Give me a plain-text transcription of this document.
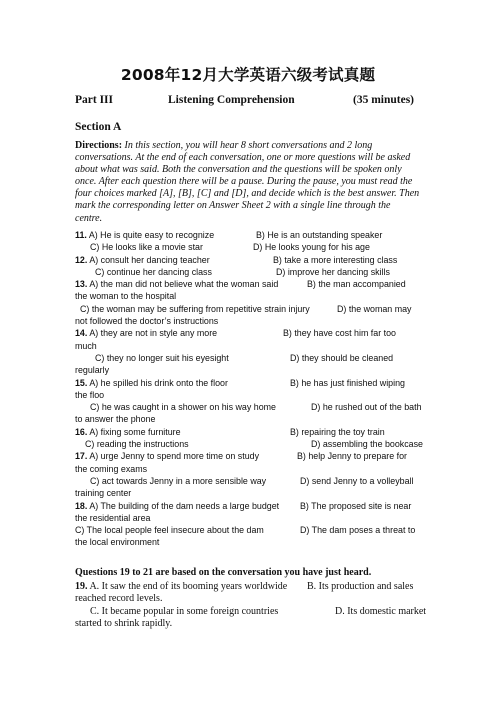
2008年12月大学英语六级考试真题
Part III	Listening Comprehension	(35 minutes)
Section A
Directions: In this section, you will hear 8 short conversations and 2 long
conversations. At the end of each conversation, one or more questions will be asked
about what was said. Both the conversation and the questions will be spoken only
once. After each question there will be a pause. During the pause, you must read the
four choices marked [A], [B], [C] and [D], and decide which is the best answer. Then
mark the corresponding letter on Answer Sheet 2 with a single line through the
centre.
11. A) He is quite easy to recognize	B) He is an outstanding speaker
C) He looks like a movie star	D) He looks young for his age
12. A) consult her dancing teacher	B) take a more interesting class
C) continue her dancing class	D) improve her dancing skills
13. A) the man did not believe what the woman said	B) the man accompanied
the woman to the hospital
C) the woman may be suffering from repetitive strain injury	D) the woman may
not followed the doctor’s instructions
14. A) they are not in style any more	B) they have cost him far too
much
C) they no longer suit his eyesight	D) they should be cleaned
regularly
15. A) he spilled his drink onto the floor	B) he has just finished wiping
the floo
C) he was caught in a shower on his way home	D) he rushed out of the bath
to answer the phone
16. A) fixing some furniture	B) repairing the toy train
C) reading the instructions	D) assembling the bookcase
17. A) urge Jenny to spend more time on study	B) help Jenny to prepare for
the coming exams
C) act towards Jenny in a more sensible way	D) send Jenny to a volleyball
training center
18. A) The building of the dam needs a large budget B) The proposed site is near
the residential area
C) The local people feel insecure about the dam	D) The dam poses a threat to
the local environment
Questions 19 to 21 are based on the conversation you have just heard.
19. A. It saw the end of its booming years worldwide B. Its production and sales
reached record levels.
C. It became popular in some foreign countries	D. Its domestic market
started to shrink rapidly.
